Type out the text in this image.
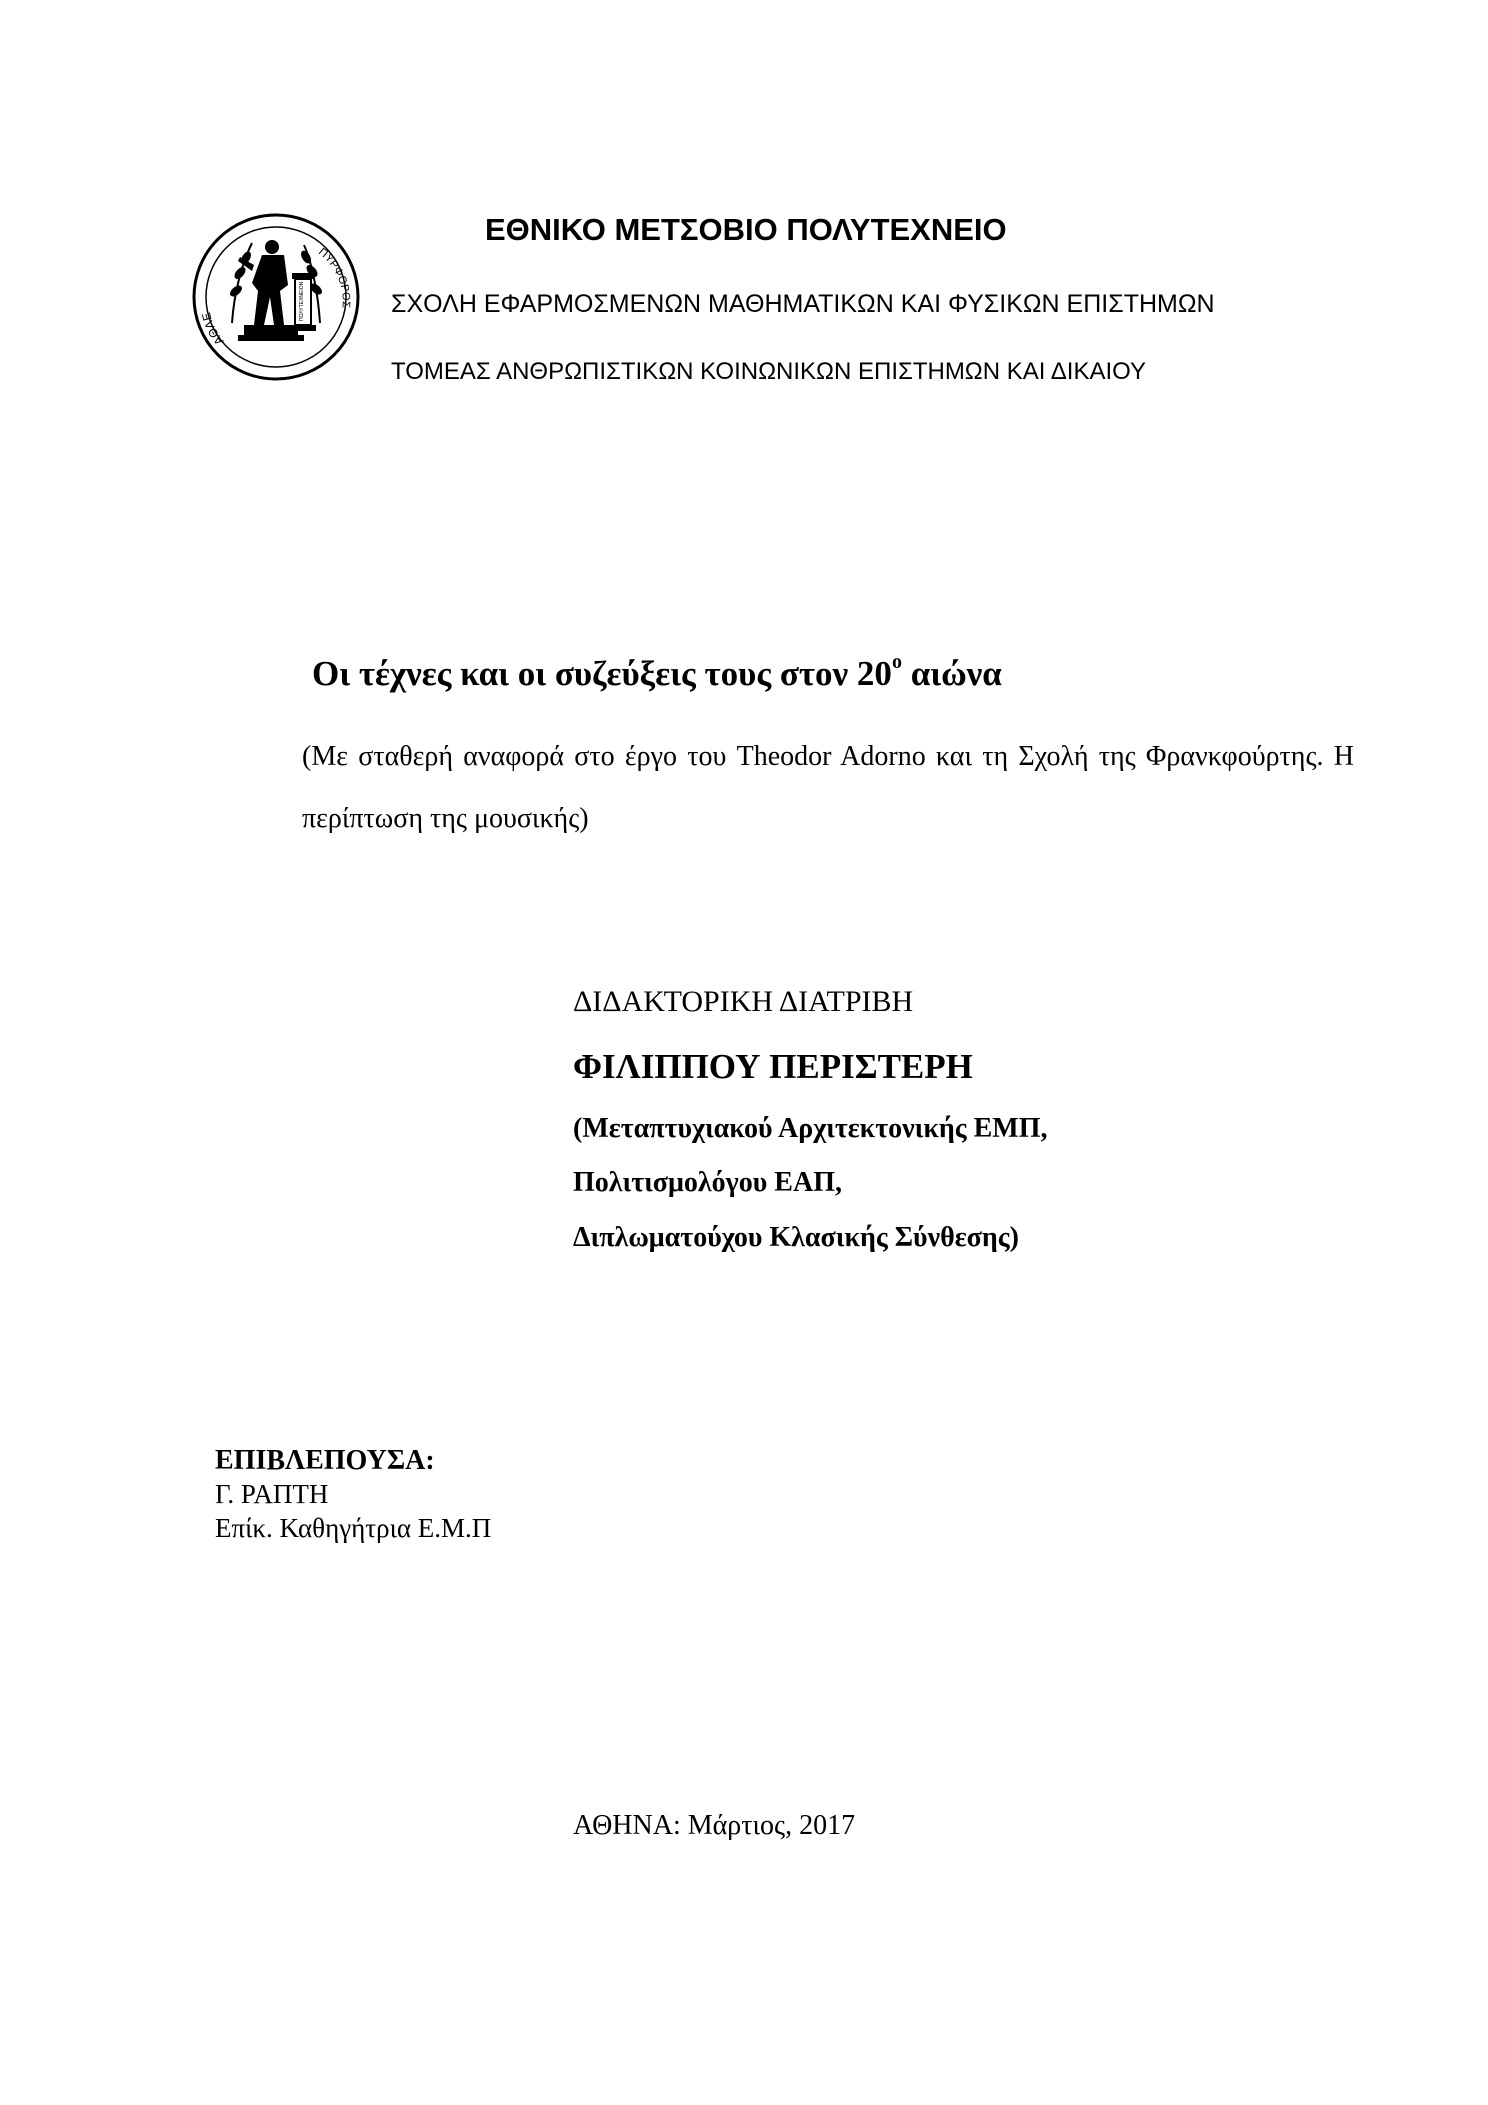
ΑΘΛΕ
ΠΥΡΦΟΡΟΣ
ΠΟΛΥΤΕΧΝΕΙΟΝ
ΕΘΝΙΚΟ ΜΕΤΣΟΒΙΟ ΠΟΛΥΤΕΧΝΕΙΟ

ΣΧΟΛΗ ΕΦΑΡΜΟΣΜΕΝΩΝ ΜΑΘΗΜΑΤΙΚΩΝ ΚΑΙ ΦΥΣΙΚΩΝ ΕΠΙΣΤΗΜΩΝ

ΤΟΜΕΑΣ ΑΝΘΡΩΠΙΣΤΙΚΩΝ ΚΟΙΝΩΝΙΚΩΝ ΕΠΙΣΤΗΜΩΝ ΚΑΙ ΔΙΚΑΙΟΥ

Οι τέχνες και οι συζεύξεις τους στον $20^o$ αιώνα

(Με σταθερή αναφορά στο έργο του Theodor Adorno και τη Σχολή της Φρανκφούρτης. Η περίπτωση της μουσικής)

ΔΙΔΑΚΤΟΡΙΚΗ ΔΙΑΤΡΙΒΗ

ΦΙΛΙΠΠΟΥ ΠΕΡΙΣΤΕΡΗ

(Μεταπτυχιακού Αρχιτεκτονικής ΕΜΠ,

Πολιτισμολόγου ΕΑΠ,

Διπλωματούχου Κλασικής Σύνθεσης)

ΕΠΙΒΛΕΠΟΥΣΑ:

Γ. ΡΑΠΤΗ

Επίκ. Καθηγήτρια Ε.Μ.Π

ΑΘΗΝΑ: Μάρτιος, 2017
